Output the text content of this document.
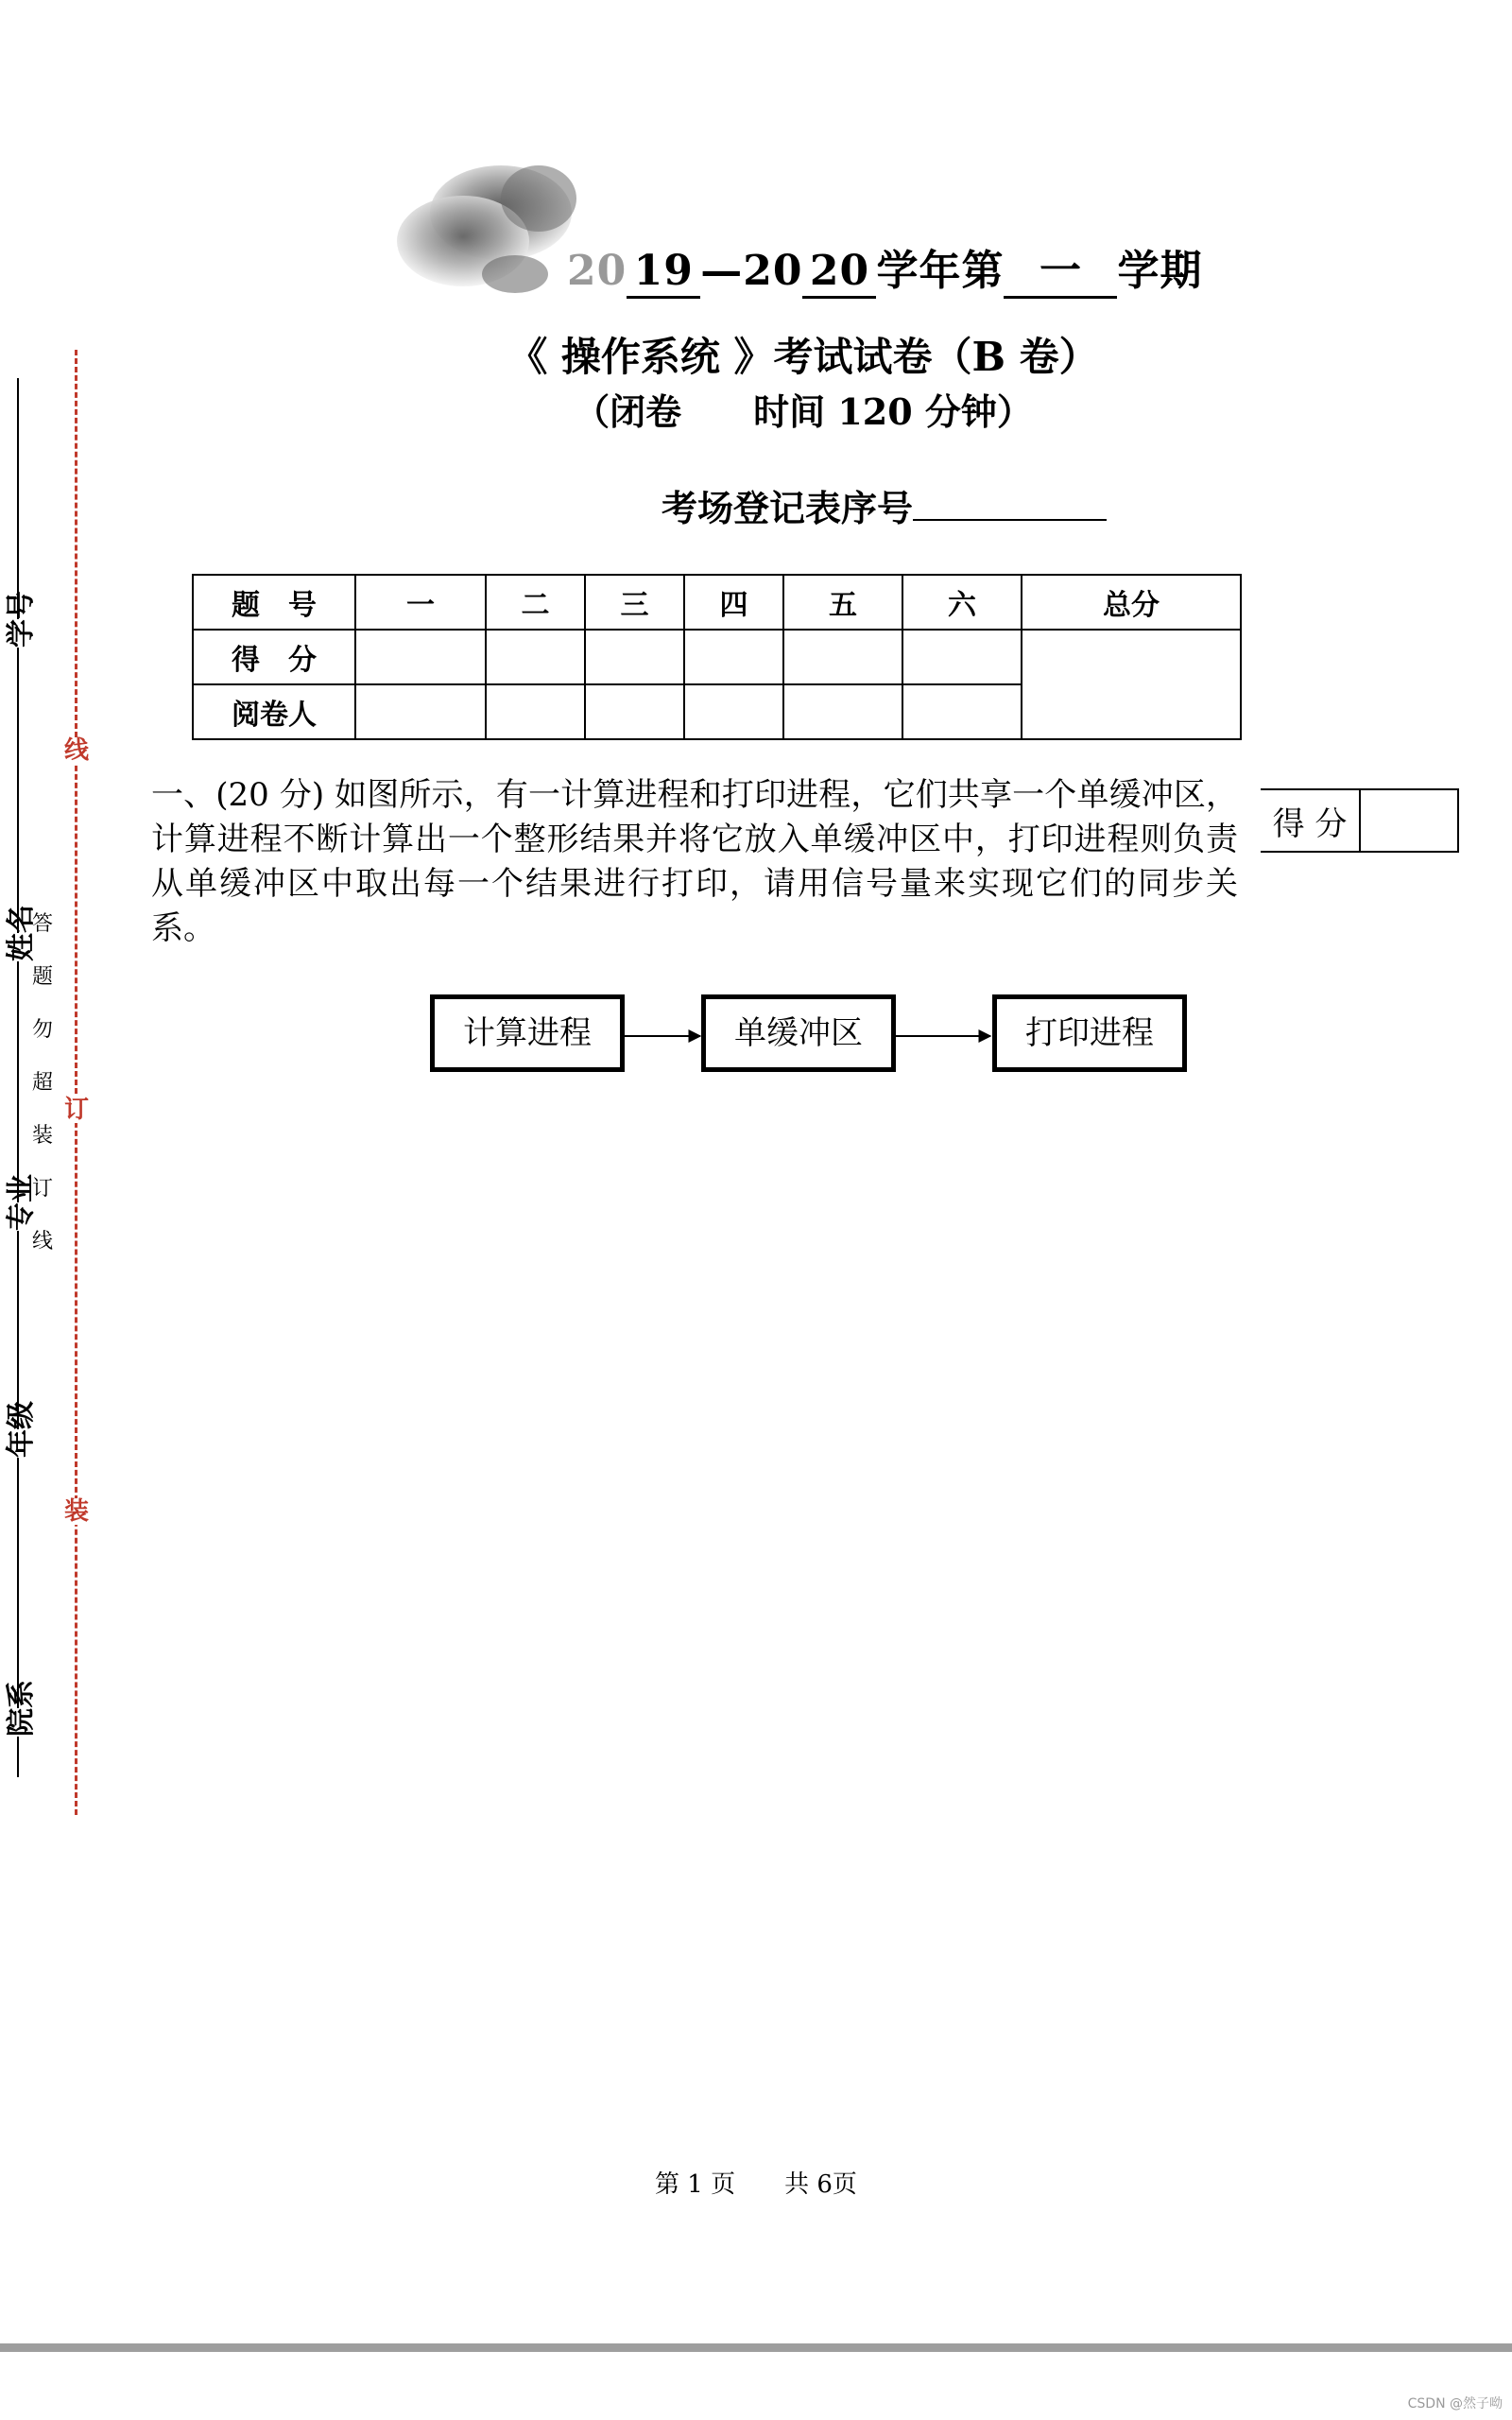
线
订
装
学号
姓名
专业
年级
院系
答题勿超装订线
20 19 —20 20 学年第 一 学期
《 操作系统 》考试试卷（B 卷）
（闭卷　　时间 120 分钟）
考场登记表序号
题　号	一	二	三	四	五	六	总分
得　分							
阅卷人							
一、(20 分) 如图所示，有一计算进程和打印进程，它们共享一个单缓冲区，计算进程不断计算出一个整形结果并将它放入单缓冲区中，打印进程则负责从单缓冲区中取出每一个结果进行打印，请用信号量来实现它们的同步关系。
得 分	
计算进程	单缓冲区	打印进程
第 1 页　　共 6页
CSDN @然子呦
